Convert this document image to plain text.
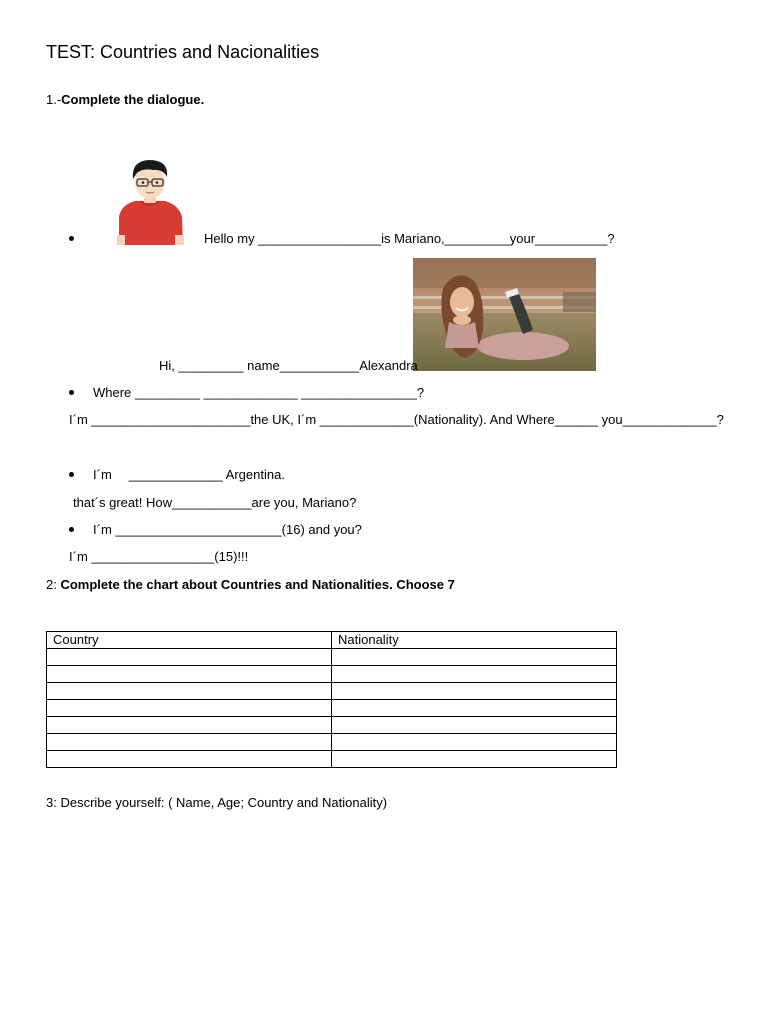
TEST: Countries and Nacionalities
1.-Complete the dialogue.
Hello my _________________is Mariano,_________your__________?
Hi, _________ name___________Alexandra
Where _________ _____________ ________________?
I´m ______________________the UK, I´m _____________(Nationality). And Where______ you_____________?
I´m _____________ Argentina.
that´s great! How___________are you, Mariano?
I´m _______________________(16) and you?
I´m _________________(15)!!!
2: Complete the chart about Countries and Nationalities. Choose 7
Country	Nationality

3: Describe yourself: ( Name, Age; Country and Nationality)
